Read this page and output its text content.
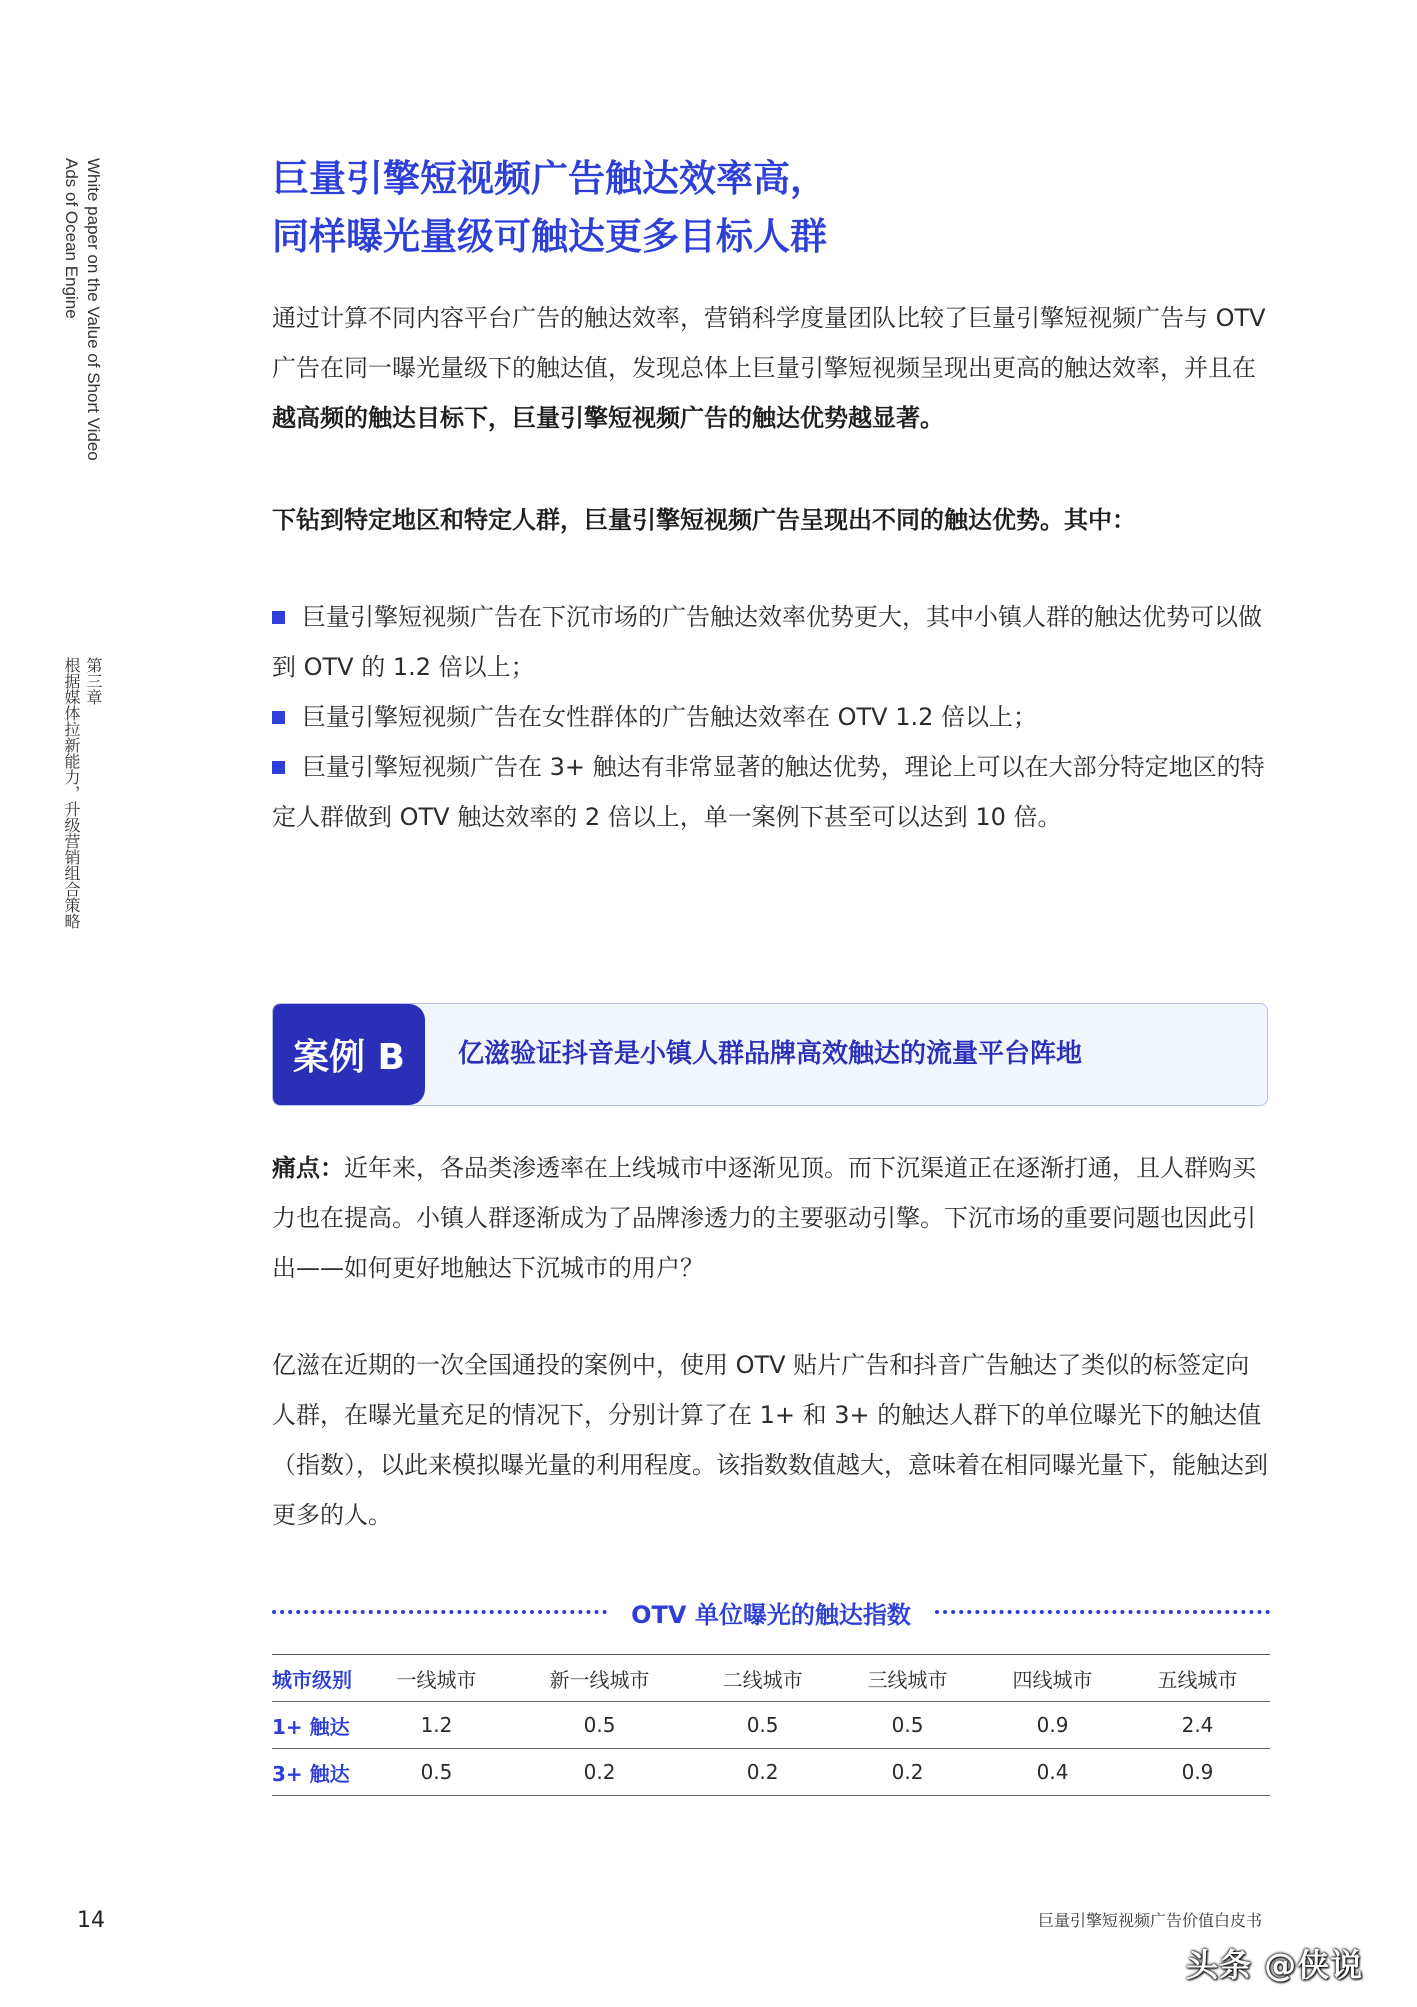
White paper on the Value of Short Video
Ads of Ocean Engine
第三章
根据媒体拉新能力，升级营销组合策略
巨量引擎短视频广告触达效率高，
同样曝光量级可触达更多目标人群

通过计算不同内容平台广告的触达效率，营销科学度量团队比较了巨量引擎短视频广告与 OTV 广告在同一曝光量级下的触达值，发现总体上巨量引擎短视频呈现出更高的触达效率，并且在越高频的触达目标下，巨量引擎短视频广告的触达优势越显著。

下钻到特定地区和特定人群，巨量引擎短视频广告呈现出不同的触达优势。其中：

巨量引擎短视频广告在下沉市场的广告触达效率优势更大，其中小镇人群的触达优势可以做到 OTV 的 1.2 倍以上；
巨量引擎短视频广告在女性群体的广告触达效率在 OTV 1.2 倍以上；
巨量引擎短视频广告在 3+ 触达有非常显著的触达优势，理论上可以在大部分特定地区的特定人群做到 OTV 触达效率的 2 倍以上，单一案例下甚至可以达到 10 倍。
案例 B	亿滋验证抖音是小镇人群品牌高效触达的流量平台阵地

痛点：近年来，各品类渗透率在上线城市中逐渐见顶。而下沉渠道正在逐渐打通，且人群购买力也在提高。小镇人群逐渐成为了品牌渗透力的主要驱动引擎。下沉市场的重要问题也因此引出——如何更好地触达下沉城市的用户？

亿滋在近期的一次全国通投的案例中，使用 OTV 贴片广告和抖音广告触达了类似的标签定向人群，在曝光量充足的情况下，分别计算了在 1+ 和 3+ 的触达人群下的单位曝光下的触达值（指数），以此来模拟曝光量的利用程度。该指数数值越大，意味着在相同曝光量下，能触达到更多的人。

OTV 单位曝光的触达指数
城市级别	一线城市	新一线城市	二线城市	三线城市	四线城市	五线城市
1+ 触达	1.2	0.5	0.5	0.5	0.9	2.4
3+ 触达	0.5	0.2	0.2	0.2	0.4	0.9
14	巨量引擎短视频广告价值白皮书
头条 @侠说
